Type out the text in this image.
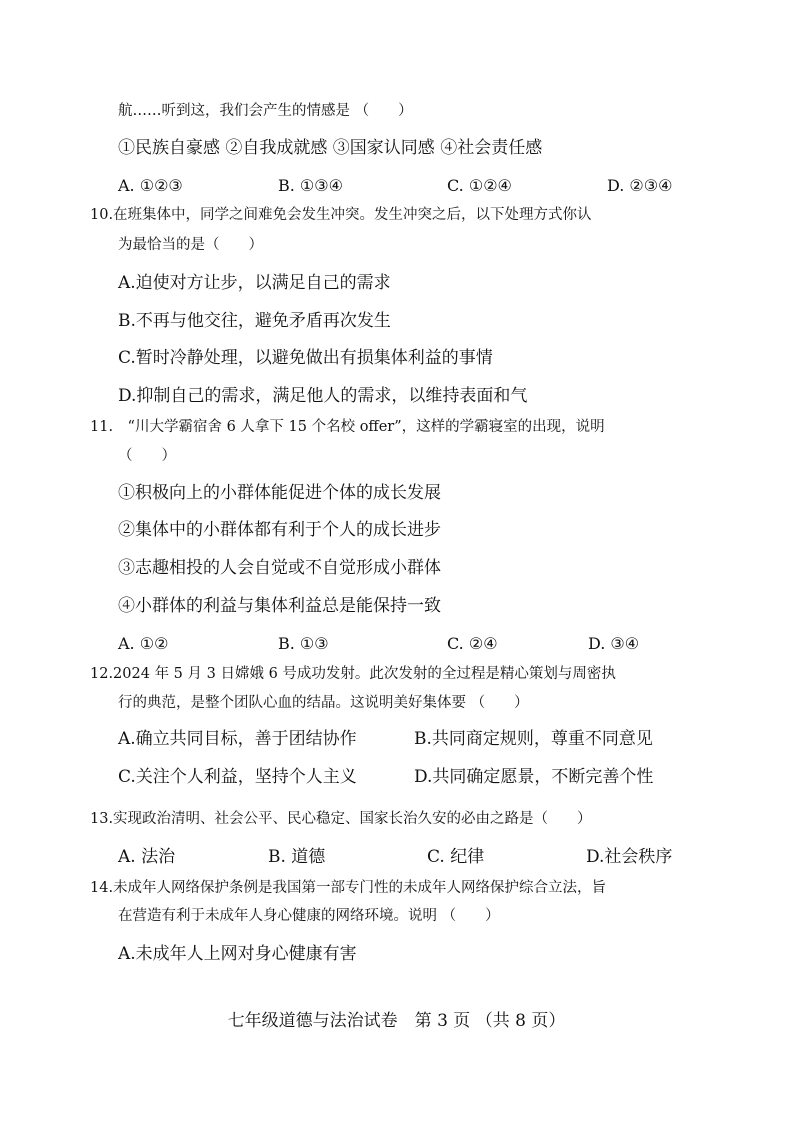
航……听到这，我们会产生的情感是 （　　）
①民族自豪感 ②自我成就感 ③国家认同感 ④社会责任感
A. ①②③	B. ①③④	C. ①②④	D. ②③④
10.在班集体中，同学之间难免会发生冲突。发生冲突之后，以下处理方式你认
为最恰当的是（　　）
A.迫使对方让步，以满足自己的需求
B.不再与他交往，避免矛盾再次发生
C.暂时冷静处理，以避免做出有损集体利益的事情
D.抑制自己的需求，满足他人的需求，以维持表面和气
11.　“川大学霸宿舍 6 人拿下 15 个名校 offer”，这样的学霸寝室的出现，说明
（　　）
①积极向上的小群体能促进个体的成长发展
②集体中的小群体都有利于个人的成长进步
③志趣相投的人会自觉或不自觉形成小群体
④小群体的利益与集体利益总是能保持一致
A. ①②	B. ①③	C. ②④	D. ③④
12.2024 年 5 月 3 日嫦娥 6 号成功发射。此次发射的全过程是精心策划与周密执
行的典范，是整个团队心血的结晶。这说明美好集体要 （　　）
A.确立共同目标，善于团结协作	B.共同商定规则，尊重不同意见
C.关注个人利益，坚持个人主义	D.共同确定愿景，不断完善个性
13.实现政治清明、社会公平、民心稳定、国家长治久安的必由之路是（　　）
A. 法治	B. 道德	C. 纪律	D.社会秩序
14.未成年人网络保护条例是我国第一部专门性的未成年人网络保护综合立法，旨
在营造有利于未成年人身心健康的网络环境。说明 （　　）
A.未成年人上网对身心健康有害
七年级道德与法治试卷　第 3 页 （共 8 页）
